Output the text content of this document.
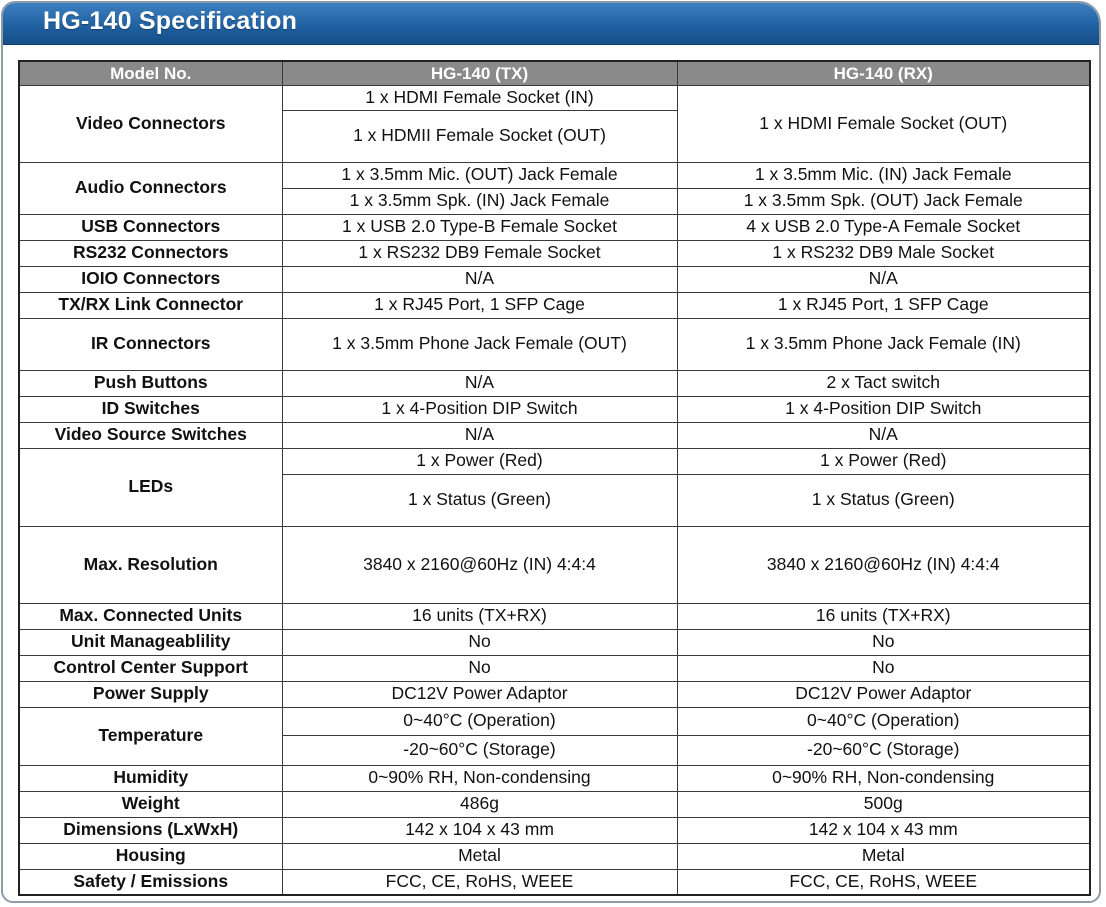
HG-140 Specification
Model No.	HG-140 (TX)	HG-140 (RX)
Video Connectors	1 x HDMI Female Socket (IN)	1 x HDMI Female Socket (OUT)
	1 x HDMII Female Socket (OUT)	
Audio Connectors	1 x 3.5mm Mic. (OUT) Jack Female	1 x 3.5mm Mic. (IN) Jack Female
	1 x 3.5mm Spk. (IN) Jack Female	1 x 3.5mm Spk. (OUT) Jack Female
USB Connectors	1 x USB 2.0 Type-B Female Socket	4 x USB 2.0 Type-A Female Socket
RS232 Connectors	1 x RS232 DB9 Female Socket	1 x RS232 DB9 Male Socket
IOIO Connectors	N/A	N/A
TX/RX Link Connector	1 x RJ45 Port, 1 SFP Cage	1 x RJ45 Port, 1 SFP Cage
IR Connectors	1 x 3.5mm Phone Jack Female (OUT)	1 x 3.5mm Phone Jack Female (IN)
Push Buttons	N/A	2 x Tact switch
ID Switches	1 x 4-Position DIP Switch	1 x 4-Position DIP Switch
Video Source Switches	N/A	N/A
LEDs	1 x Power (Red)	1 x Power (Red)
	1 x Status (Green)	1 x Status (Green)
Max. Resolution	3840 x 2160@60Hz (IN) 4:4:4	3840 x 2160@60Hz (IN) 4:4:4
Max. Connected Units	16 units (TX+RX)	16 units (TX+RX)
Unit Manageablility	No	No
Control Center Support	No	No
Power Supply	DC12V Power Adaptor	DC12V Power Adaptor
Temperature	0~40°C (Operation)	0~40°C (Operation)
	-20~60°C (Storage)	-20~60°C (Storage)
Humidity	0~90% RH, Non-condensing	0~90% RH, Non-condensing
Weight	486g	500g
Dimensions (LxWxH)	142 x 104 x 43 mm	142 x 104 x 43 mm
Housing	Metal	Metal
Safety / Emissions	FCC, CE, RoHS, WEEE	FCC, CE, RoHS, WEEE
